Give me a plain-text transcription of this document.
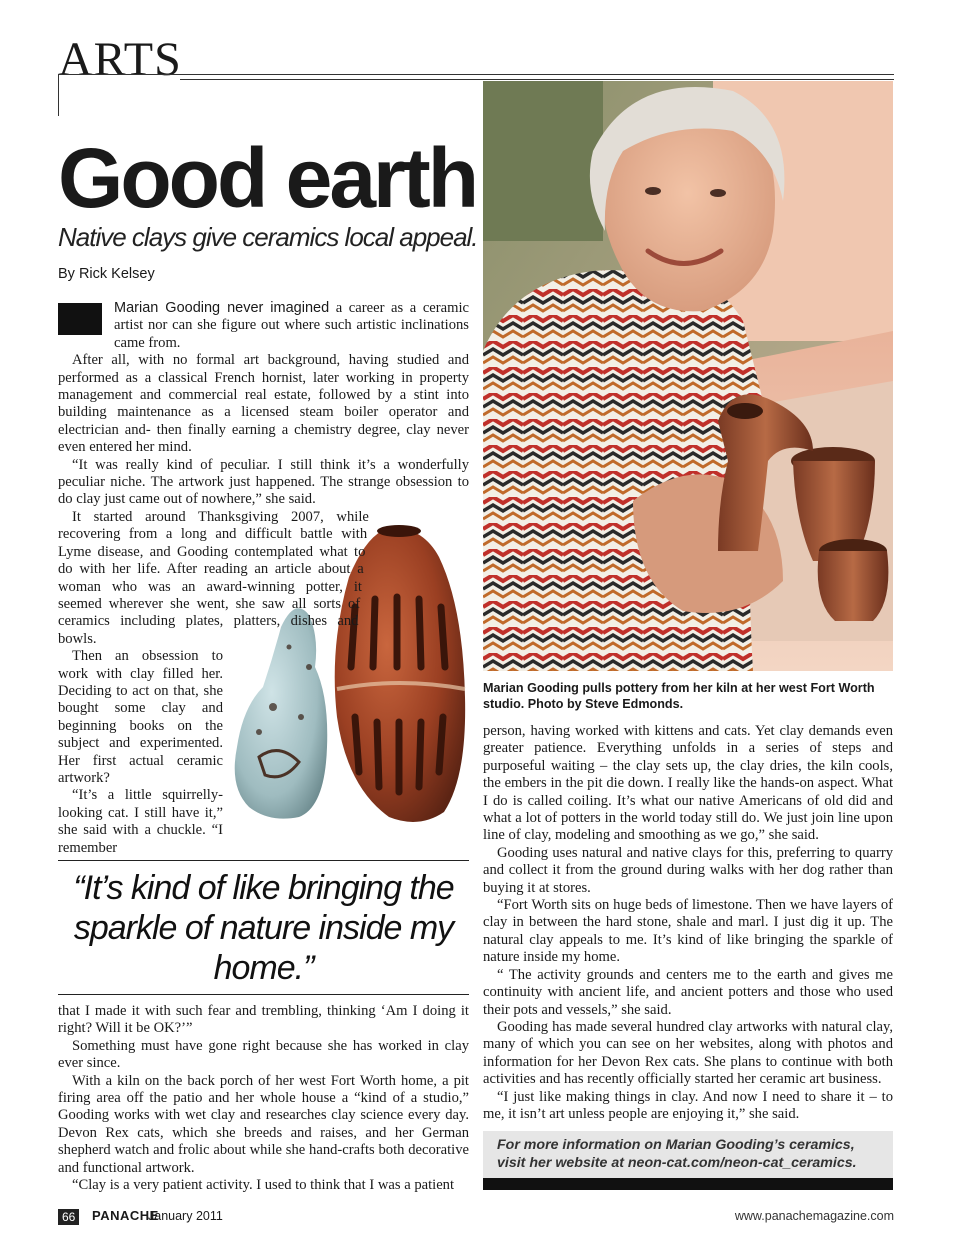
ARTS
Good earth
Native clays give ceramics local appeal.
By Rick Kelsey

Marian Gooding never imagined a career as a ceramic artist nor can she figure out where such artistic inclinations came from.

After all, with no formal art background, having studied and performed as a classical French hornist, later working in property management and commercial real estate, followed by a stint into building maintenance as a licensed steam boiler operator and electrician and- then finally earning a chemistry degree, clay never even entered her mind.

“It was really kind of peculiar. I still think it’s a wonderfully peculiar niche. The artwork just happened. The strange obsession to do clay just came out of nowhere,” she said.

It started around Thanksgiving 2007, while recovering from a long and difficult battle with Lyme disease, and Gooding contemplated what to do with her life. After reading an article about a woman who was an award-winning potter, it seemed wherever she went, she saw all sorts of ceramics including plates, platters, dishes and bowls.

Then an obsession to work with clay filled her. Deciding to act on that, she bought some clay and beginning books on the subject and experimented. Her first actual ceramic artwork?

“It’s a little squirrelly-looking cat. I still have it,” she said with a chuckle. “I remember

“It’s kind of like bringing the sparkle of nature inside my home.”

that I made it with such fear and trembling, thinking ‘Am I doing it right? Will it be OK?’”

Something must have gone right because she has worked in clay ever since.

With a kiln on the back porch of her west Fort Worth home, a pit firing area off the patio and her whole house a “kind of a studio,” Gooding works with wet clay and researches clay science every day. Devon Rex cats, which she breeds and raises, and her German shepherd watch and frolic about while she hand-crafts both decorative and functional artwork.

“Clay is a very patient activity. I used to think that I was a patient

Marian Gooding pulls pottery from her kiln at her west Fort Worth studio. Photo by Steve Edmonds.

person, having worked with kittens and cats. Yet clay demands even greater patience. Everything unfolds in a series of steps and purposeful waiting – the clay sets up, the clay dries, the kiln cools, the embers in the pit die down. I really like the hands-on aspect. What I do is called coiling. It’s what our native Americans of old did and what a lot of potters in the world today still do. We just join line upon line of clay, modeling and smoothing as we go,” she said.

Gooding uses natural and native clays for this, preferring to quarry and collect it from the ground during walks with her dog rather than buying it at stores.

“Fort Worth sits on huge beds of limestone. Then we have layers of clay in between the hard stone, shale and marl. I just dig it up. The natural clay appeals to me. It’s kind of like bringing the sparkle of nature inside my home.

“ The activity grounds and centers me to the earth and gives me continuity with ancient life, and ancient potters and those who used their pots and vessels,” she said.

Gooding has made several hundred clay artworks with natural clay, many of which you can see on her websites, along with photos and information for her Devon Rex cats. She plans to continue with both activities and has recently officially started her ceramic art business.

“I just like making things in clay. And now I need to share it – to me, it isn’t art unless people are enjoying it,” she said.

For more information on Marian Gooding’s ceramics, visit her website at neon-cat.com/neon-cat_ceramics.
66	PANACHE
January 2011	www.panachemagazine.com
